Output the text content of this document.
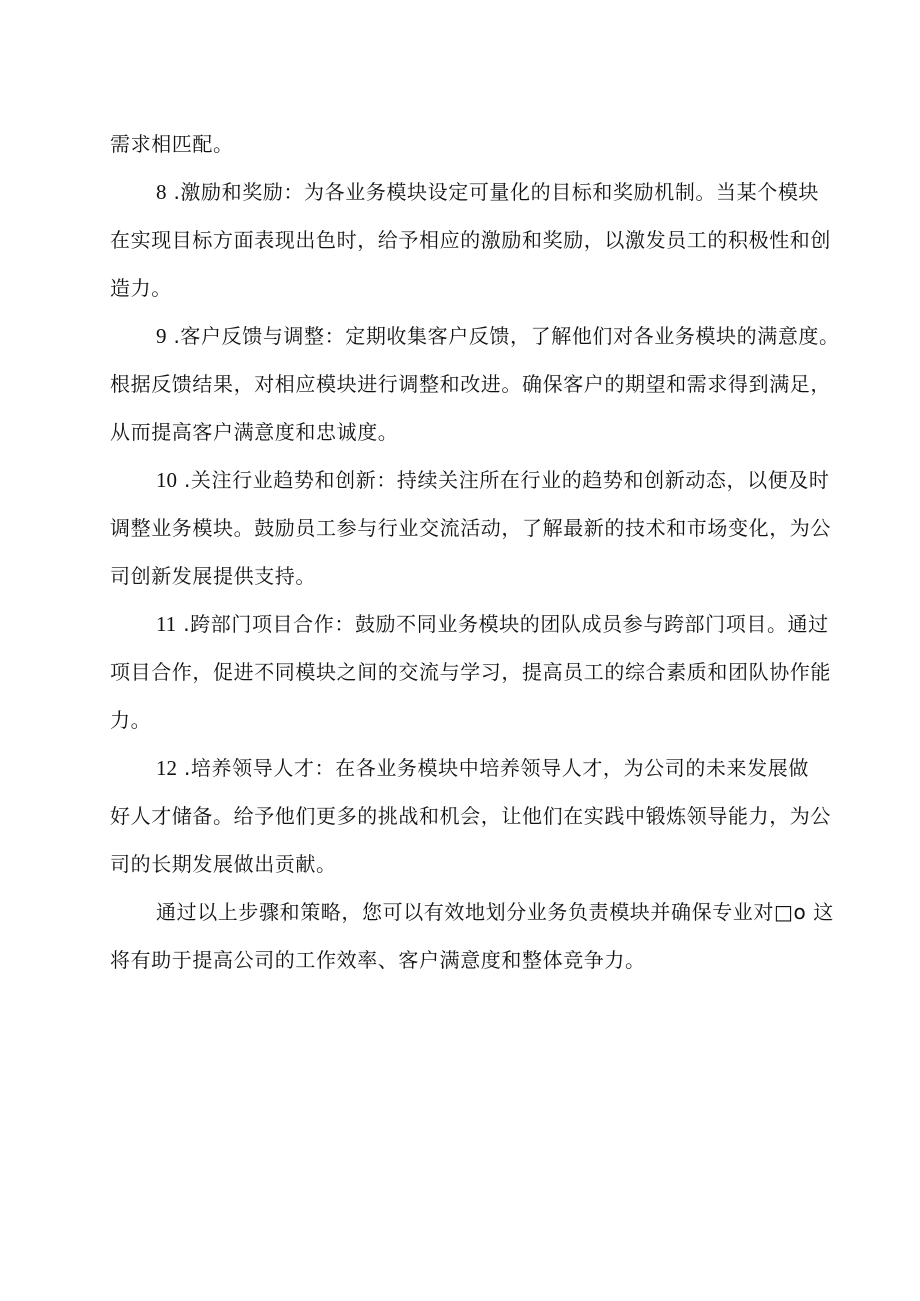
需求相匹配。
8 .激励和奖励：为各业务模块设定可量化的目标和奖励机制。当某个模块
在实现目标方面表现出色时，给予相应的激励和奖励，以激发员工的积极性和创
造力。
9 .客户反馈与调整：定期收集客户反馈，了解他们对各业务模块的满意度。
根据反馈结果，对相应模块进行调整和改进。确保客户的期望和需求得到满足，
从而提高客户满意度和忠诚度。
10 .关注行业趋势和创新：持续关注所在行业的趋势和创新动态，以便及时
调整业务模块。鼓励员工参与行业交流活动，了解最新的技术和市场变化，为公
司创新发展提供支持。
11 .跨部门项目合作：鼓励不同业务模块的团队成员参与跨部门项目。通过
项目合作，促进不同模块之间的交流与学习，提高员工的综合素质和团队协作能
力。
12 .培养领导人才：在各业务模块中培养领导人才，为公司的未来发展做
好人才储备。给予他们更多的挑战和机会，让他们在实践中锻炼领导能力，为公
司的长期发展做出贡献。
通过以上步骤和策略，您可以有效地划分业务负责模块并确保专业对□o 这
将有助于提高公司的工作效率、客户满意度和整体竞争力。
